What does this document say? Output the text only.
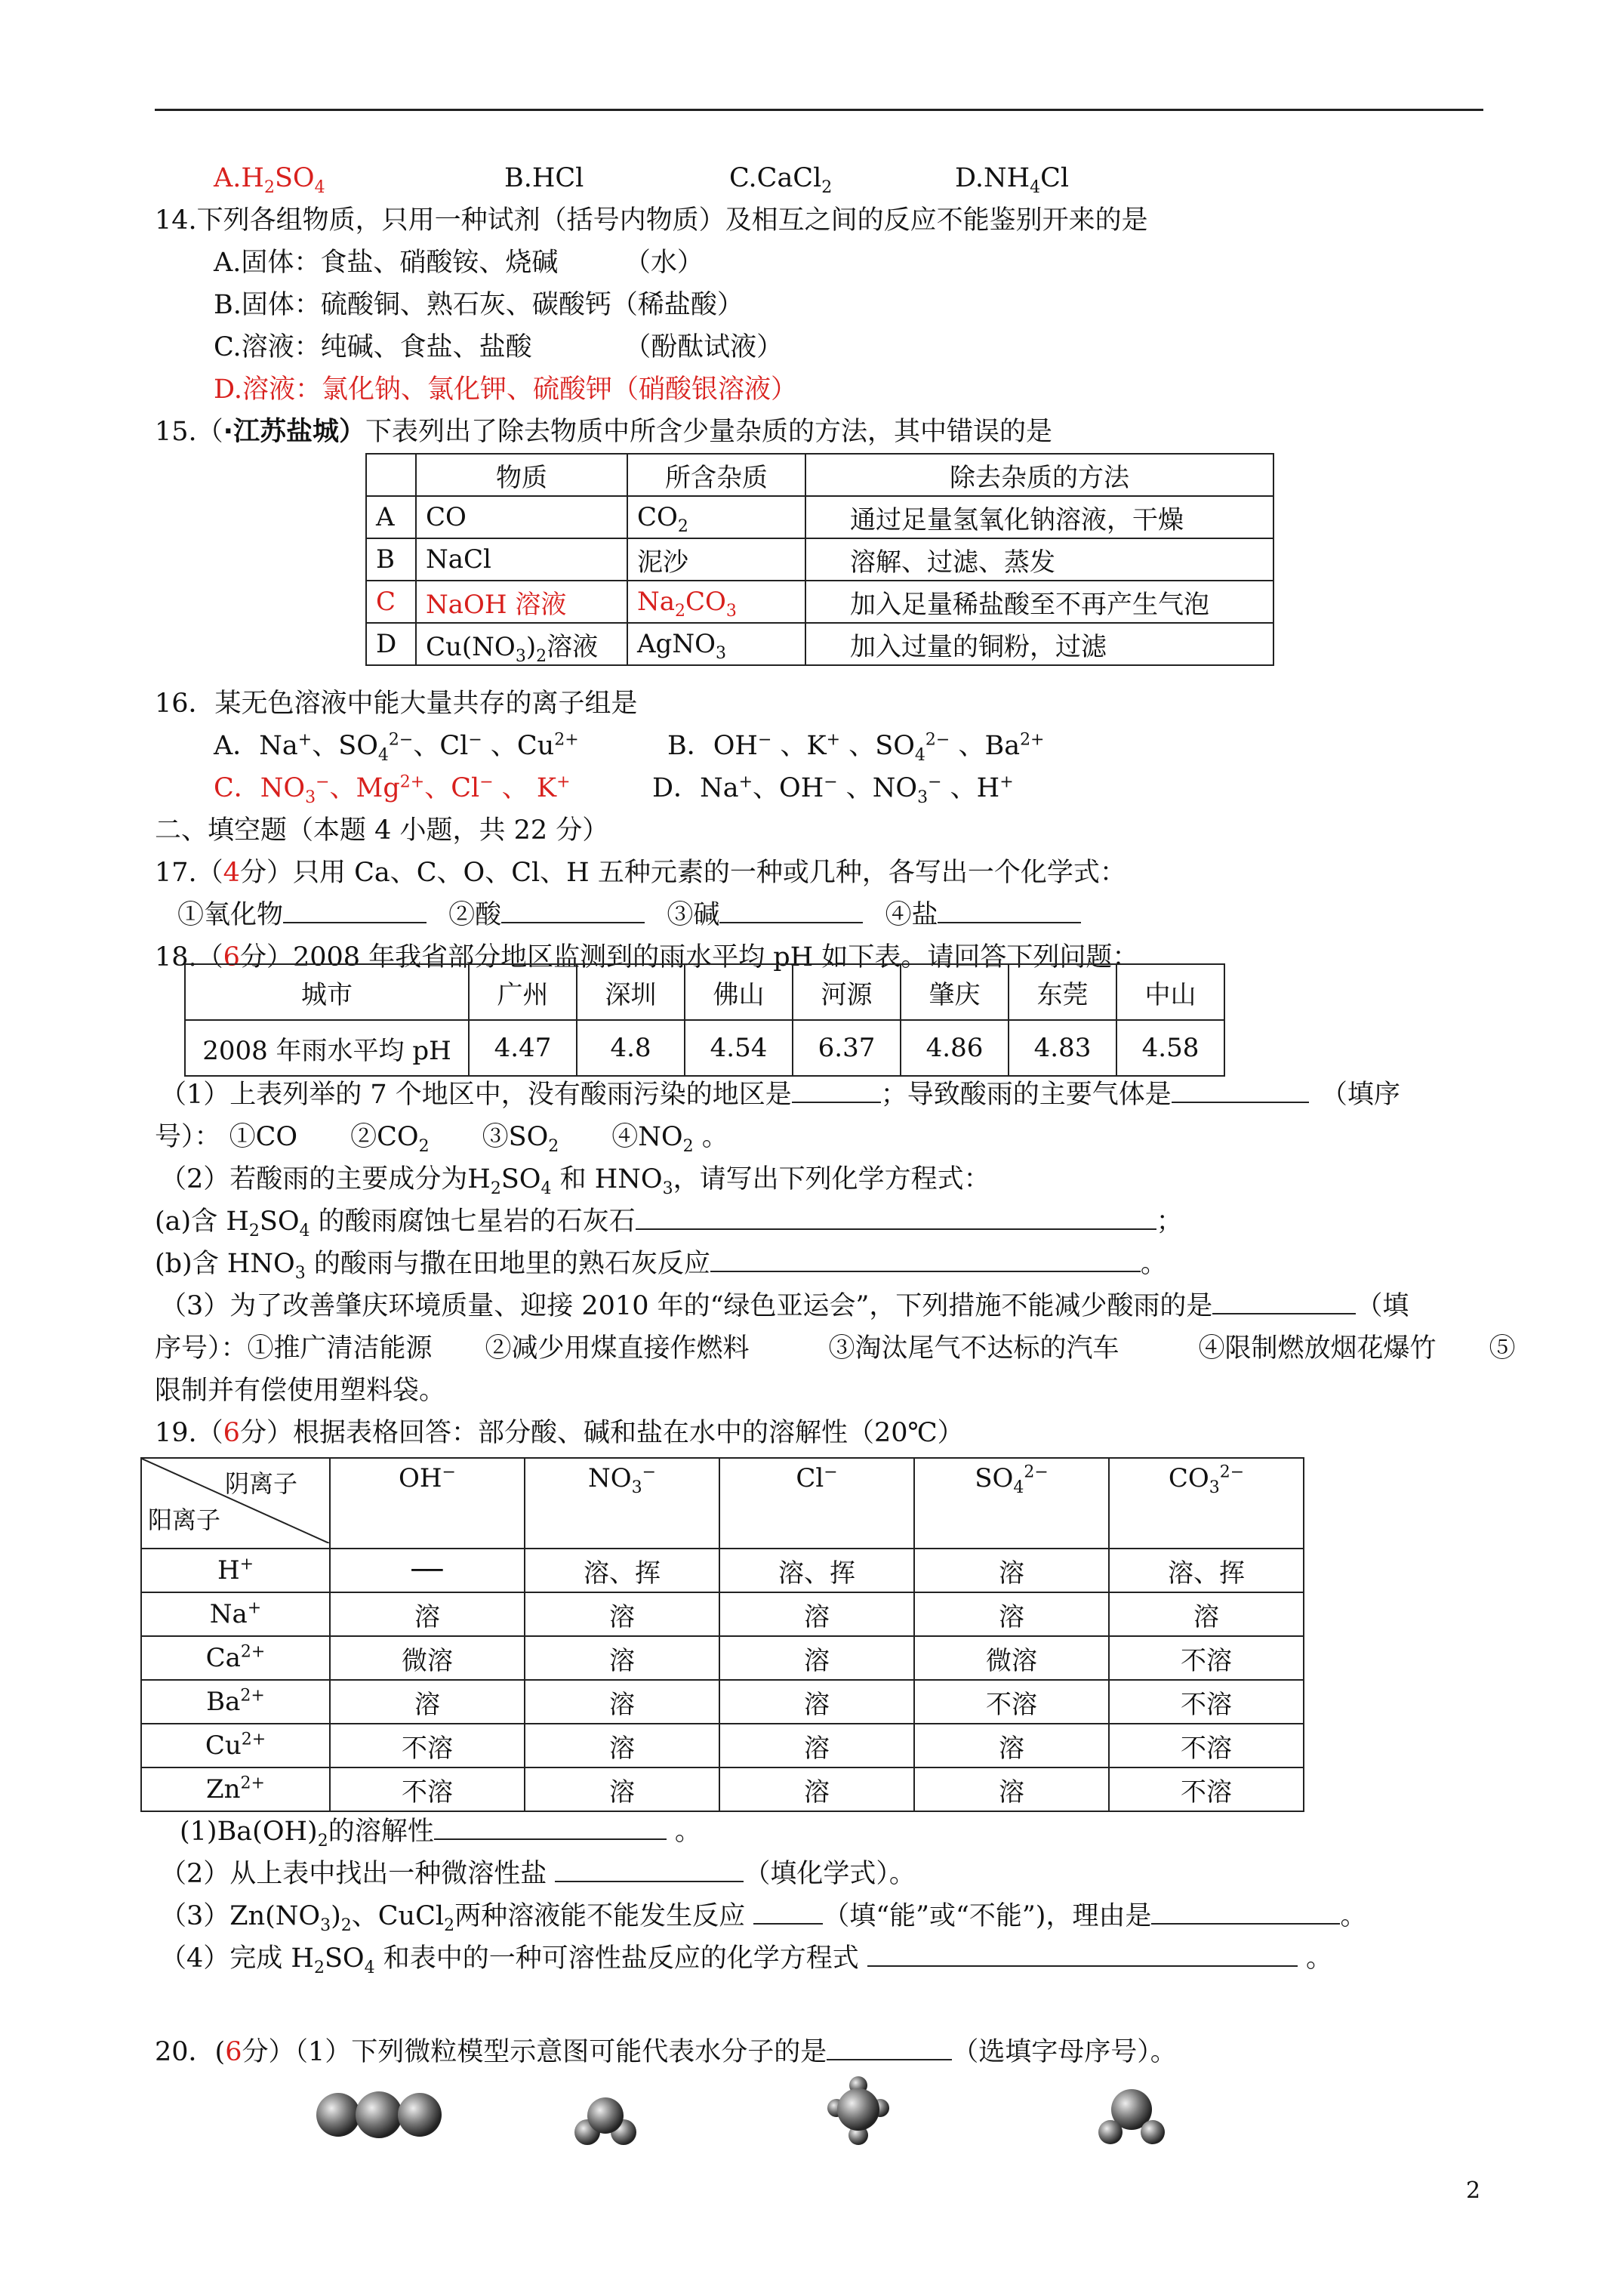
$A.H_2SO_4$	B.HCl	C.CaCl$_2$	$D.NH_4Cl$
14.下列各组物质，只用一种试剂（括号内物质）及相互之间的反应不能鉴别开来的是
A.固体：食盐、硝酸铵、烧碱　　　（水）
B.固体：硫酸铜、熟石灰、碳酸钙（稀盐酸）
C.溶液：纯碱、食盐、盐酸　　　　（酚酞试液）
D.溶液：氯化钠、氯化钾、硫酸钾（硝酸银溶液）
15.（·江苏盐城）下表列出了除去物质中所含少量杂质的方法，其中错误的是
	物质	所含杂质	除去杂质的方法
A	CO	$CO_2$	通过足量氢氧化钠溶液，干燥
B	NaCl	泥沙	溶解、过滤、蒸发
C	NaOH 溶液	$Na_2CO_3$	加入足量稀盐酸至不再产生气泡
D	$Cu(NO_3)_2$溶液	AgNO$_3$	加入过量的铜粉，过滤
16．某无色溶液中能大量共存的离子组是
A．Na+、$SO_4^{2-}$、Cl− 、$Cu^{2+}$	B．OH− 、K+ 、$SO_4^{2-}$ 、$Ba^{2+}$
C．$NO_3^-$、$Mg^{2+}$、Cl− 、 K+	D．Na+、OH− 、$NO_3^-$ 、H+
二、填空题（本题 4 小题，共 22 分）
17.（4分）只用 Ca、C、O、Cl、H 五种元素的一种或几种，各写出一个化学式：
①氧化物	②酸	③碱	④盐
18.（6分）2008 年我省部分地区监测到的雨水平均 pH 如下表。请回答下列问题：
城市	广州	深圳	佛山	河源	肇庆	东莞	中山
2008 年雨水平均 pH	4.47	4.8	4.54	6.37	4.86	4.83	4.58
（1）上表列举的 7 个地区中，没有酸雨污染的地区是	；导致酸雨的主要气体是	（填序
号）： ①CO　　$②CO_2$　　$③SO_2$　　$④NO_2$ 。
（2）若酸雨的主要成分为$H_2SO_4$ 和 $HNO_3$，请写出下列化学方程式：
(a)含 $H_2SO_4$ 的酸雨腐蚀七星岩的石灰石	；
(b)含 $HNO_3$ 的酸雨与撒在田地里的熟石灰反应	。
（3）为了改善肇庆环境质量、迎接 2010 年的“绿色亚运会”，下列措施不能减少酸雨的是	（填
序号）：①推广清洁能源　　②减少用煤直接作燃料　　　③淘汰尾气不达标的汽车　　　④限制燃放烟花爆竹　　⑤
限制并有偿使用塑料袋。
19.（6分）根据表格回答：部分酸、碱和盐在水中的溶解性（20℃）
阴离子
阳离子	OH−	$NO_3^-$	Cl−	$SO_4^{2-}$	$CO_3^{2-}$
H+	──	溶、挥	溶、挥	溶	溶、挥
Na+	溶	溶	溶	溶	溶
$Ca^{2+}$	微溶	溶	溶	微溶	不溶
$Ba^{2+}$	溶	溶	溶	不溶	不溶
$Cu^{2+}$	不溶	溶	溶	溶	不溶
$Zn^{2+}$	不溶	溶	溶	溶	不溶
$(1)Ba(OH)_2$的溶解性	。
（2）从上表中找出一种微溶性盐	（填化学式）。
$(3)Zn(NO_3)_2$、CuCl$_2$两种溶液能不能发生反应	（填“能”或“不能”)，理由是	。
（4）完成 $H_2SO_4$ 和表中的一种可溶性盐反应的化学方程式	。
20．(6分）（1）下列微粒模型示意图可能代表水分子的是	（选填字母序号）。
2
